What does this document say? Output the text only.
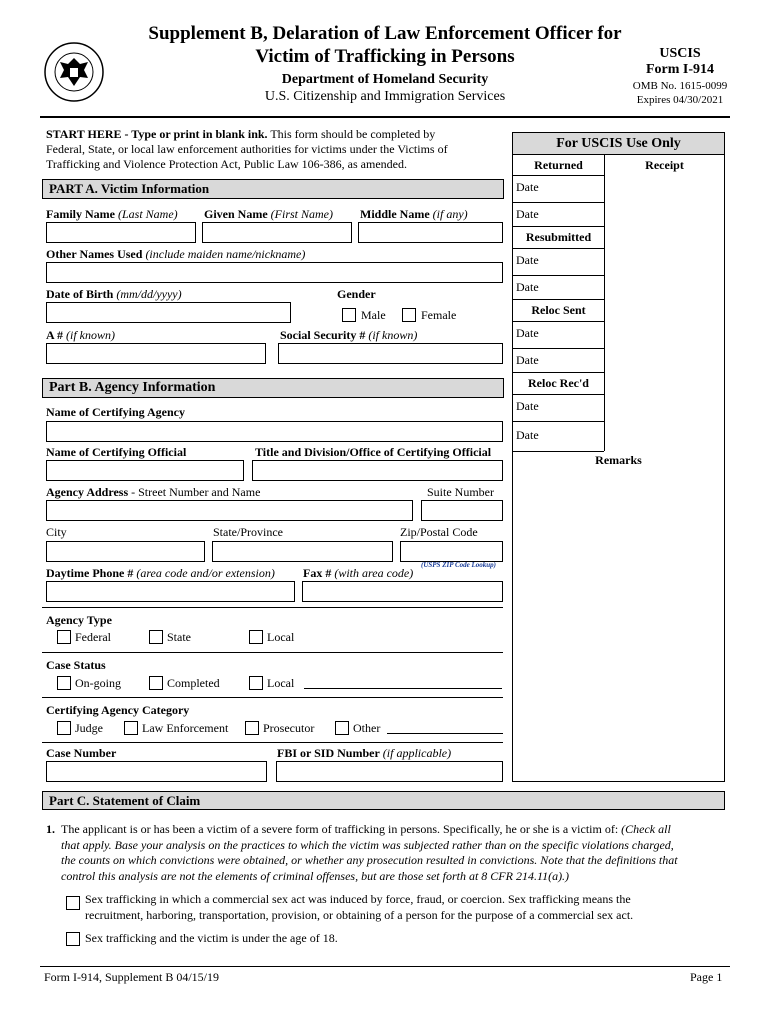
Supplement B, Delaration of Law Enforcement Officer for
Victim of Trafficking in Persons
Department of Homeland Security
U.S. Citizenship and Immigration Services
USCIS
Form I-914
OMB No. 1615-0099
Expires 04/30/2021
START HERE - Type or print in blank ink. This form should be completed by
Federal, State, or local law enforcement authorities for victims under the Victims of
Trafficking and Violence Protection Act, Public Law 106-386, as amended.
For USCIS Use Only
Returned	Receipt
Date
Date
Resubmitted
Date
Date
Reloc Sent
Date
Date
Reloc Rec'd
Date
Date
Remarks
PART A. Victim Information
Family Name (Last Name) Given Name (First Name) Middle Name (if any)
Other Names Used (include maiden name/nickname)
Date of Birth (mm/dd/yyyy)	Gender
Male	Female
A # (if known)	Social Security # (if known)
Part B. Agency Information
Name of Certifying Agency
Name of Certifying Official	Title and Division/Office of Certifying Official
Agency Address - Street Number and Name	Suite Number
City	State/Province	Zip/Postal Code
(USPS ZIP Code Lookup)
Daytime Phone # (area code and/or extension) Fax # (with area code)
Agency Type
Federal	State	Local
Case Status
On-going	Completed	Local
Certifying Agency Category
Judge	Law Enforcement	Prosecutor	Other
Case Number	FBI or SID Number (if applicable)
Part C. Statement of Claim
1. The applicant is or has been a victim of a severe form of trafficking in persons. Specifically, he or she is a victim of: (Check all
that apply. Base your analysis on the practices to which the victim was subjected rather than on the specific violations charged,
the counts on which convictions were obtained, or whether any prosecution resulted in convictions. Note that the definitions that
control this analysis are not the elements of criminal offenses, but are those set forth at 8 CFR 214.11(a).)
Sex trafficking in which a commercial sex act was induced by force, fraud, or coercion. Sex trafficking means the
recruitment, harboring, transportation, provision, or obtaining of a person for the purpose of a commercial sex act.
Sex trafficking and the victim is under the age of 18.
Form I-914, Supplement B 04/15/19	Page 1
